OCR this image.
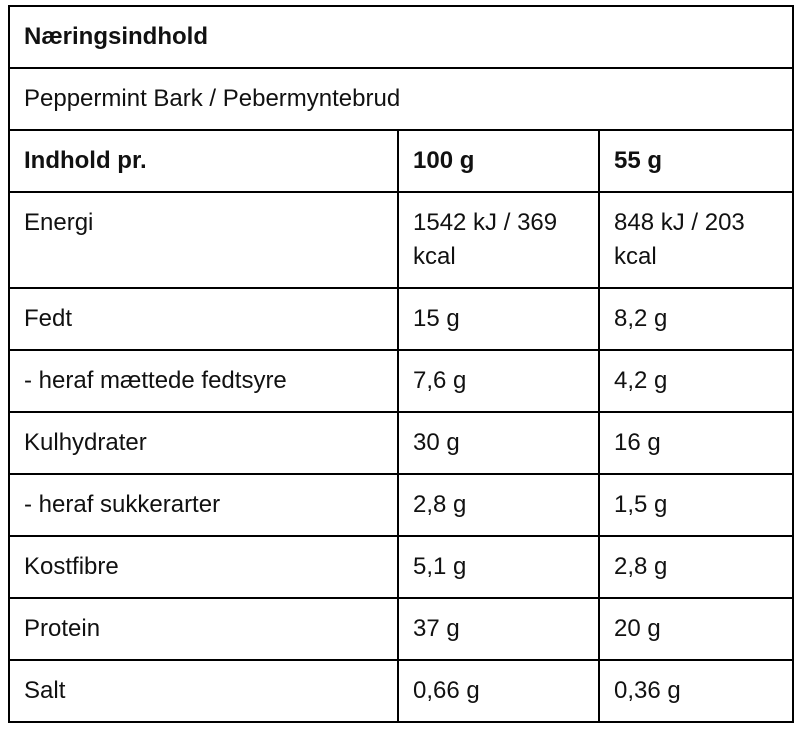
Næringsindhold		
Peppermint Bark / Pebermyntebrud		
Indhold pr.	100 g	55 g
Energi	1542 kJ / 369 kcal	848 kJ / 203 kcal
Fedt	15 g	8,2 g
- heraf mættede fedtsyre	7,6 g	4,2 g
Kulhydrater	30 g	16 g
- heraf sukkerarter	2,8 g	1,5 g
Kostfibre	5,1 g	2,8 g
Protein	37 g	20 g
Salt	0,66 g	0,36 g
